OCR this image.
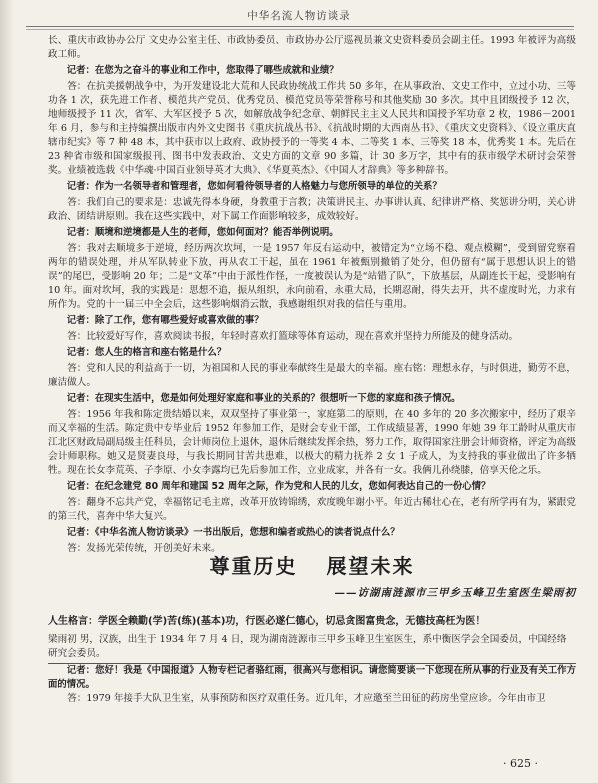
中华名流人物访谈录

长、重庆市政协办公厅 文史办公室主任、市政协委员、市政协办公厅巡视员兼文史资料委员会副主任。1993 年被评为高级政工师。

记者：在您为之奋斗的事业和工作中，您取得了哪些成就和业绩？

答：在抗美援朝战争中，为开发建设北大荒和人民政协统战工作共 50 多年，在从事政治、文史工作中，立过小功、三等功各 1 次，获先进工作者、模范共产党员、优秀党员、模范党员等荣誉称号和其他奖励 30 多次。其中且团级授予 12 次，地师级授予 11 次，省军、大军区授予 5 次，如解放战争纪念章、朝鲜民主主义人民共和国授予军功章 2 枚，1986－2001 年 6 月，参与和主持编撰出版市内外文史图书《重庆抗战丛书》、《抗战时期的大西南丛书》、《重庆文史资料》、《设立重庆直辖市纪实》等 7 种 48 本，其中获市以上政府、政协授予的一等奖 4 本、二等奖 1 本、三等奖 18 本，优秀奖 1 本。先后在 23 种省市级和国家级报刊、图书中发表政治、文史方面的文章 90 多篇，计 30 多万字，其中有的获市级学术研讨会荣誉奖。业绩被选载《中华魂·中国百业领导英才大典》、《华夏英杰》、《中国人才辞典》等多种辞书。

记者：作为一名领导者和管理者，您如何看待领导者的人格魅力与您所领导的单位的关系？

答：我们自己的要求是：忠诚先得本身硬，身教重于言教；决策讲民主、办事讲认真、纪律讲严格、奖惩讲分明，关心讲政治、团结讲原则。我在这些实践中，对下属工作面影响较多，成效较好。

记者：顺境和逆境都是人生的老师，您如何面对？能否举例说明。

答：我对去顺境多于逆境，经历两次坎坷，一是 1957 年反右运动中，被错定为“立场不稳、观点模糊”，受到留党察看两年的错误处理，并从军队转业下放，再从农工干起，虽在 1961 年被甄别撤销了处分，但仍留有“属于思想认识上的错误”的尾巴，受影响 20 年；二是“文革”中由于派性作怪，一度被误认为是“站错了队”，下放基层，从副连长干起，受影响有 10 年。面对坎坷，我的实践是：思想不追，振从组织，永向前看，永重大局，长期忍耐，得失去开，共不虚度时光，力求有所作为。党的十一届三中全会后，这些影响烟消云散，我感谢组织对我的信任与重用。

记者：除了工作，您有哪些爱好或喜欢做的事？

答：比较爱好写作，喜欢阅读书报，年轻时喜欢打篮球等体育运动，现在喜欢并坚持力所能及的健身活动。

记者：您人生的格言和座右铭是什么？

答：党和人民的利益高于一切，为祖国和人民的事业奉献终生是最大的幸福。座右铭：理想永存，与时俱进，勤劳不息，廉洁做人。

记者：在现实生活中，您是如何处理好家庭和事业的关系的？很想听一下您的家庭和孩子情况。

答：1956 年我和陈定贵结婚以来，双双坚持了事业第一，家庭第二的原则，在 40 多年的 20 多次搬家中，经历了艰辛而又幸福的生活。陈定贵中专毕业后 1952 年参加工作，是财会专业干部，工作成绩显著，1990 年她 39 年工龄时从重庆市江北区财政局副局级主任科员，会计师岗位上退休，退休后继续发挥余热，努力工作，取得国家注册会计师资格，评定为高级会计师职称。她又是贤妻良母，与我长期同甘苦共患难，以极大的精力抚养 2 女 1 子成人，为支持我的事业做出了许多牺牲。现在长女李荒英、子李原、小女李露均已先后参加工作，立业成家，并各有一女。我俩儿孙绕膝，倍享天伦之乐。

记者：在纪念建党 80 周年和建国 52 周年之际，作为党和人民的儿女，您如何表达自己的一份心情？

答：翻身不忘共产党，幸福铭记毛主席，改革开放铸锦绣，欢度晚年谢小平。年近古稀壮心在，老有所学再有为，紧跟党的第三代，喜奔中华大复兴。

记者：《中华名流人物访谈录》一书出版后，您想和编者或热心的读者说点什么？

答：发扬光荣传统，开创美好未来。

尊重历史 展望未来
——访湖南涟源市三甲乡玉峰卫生室医生梁雨初
人生格言：学医全赖勤(学)苦(练)(基本)功，行医必遂仁德心，切忌贪图富贵念，无德技高枉为医！
梁雨初 男，汉族，出生于 1934 年 7 月 4 日，现为湖南涟源市三甲乡玉峰卫生室医生，系中衡医学会全国委员，中国经络研究会委员。

记者：您好！我是《中国报道》人物专栏记者骆红雨，很高兴与您相识。请您简要谈一下您现在所从事的行业及有关工作方面的情况。

答：1979 年接手大队卫生室，从事预防和医疗双重任务。近几年，才应邀至兰田征的药房坐堂应诊。今年由市卫

· 625 ·
